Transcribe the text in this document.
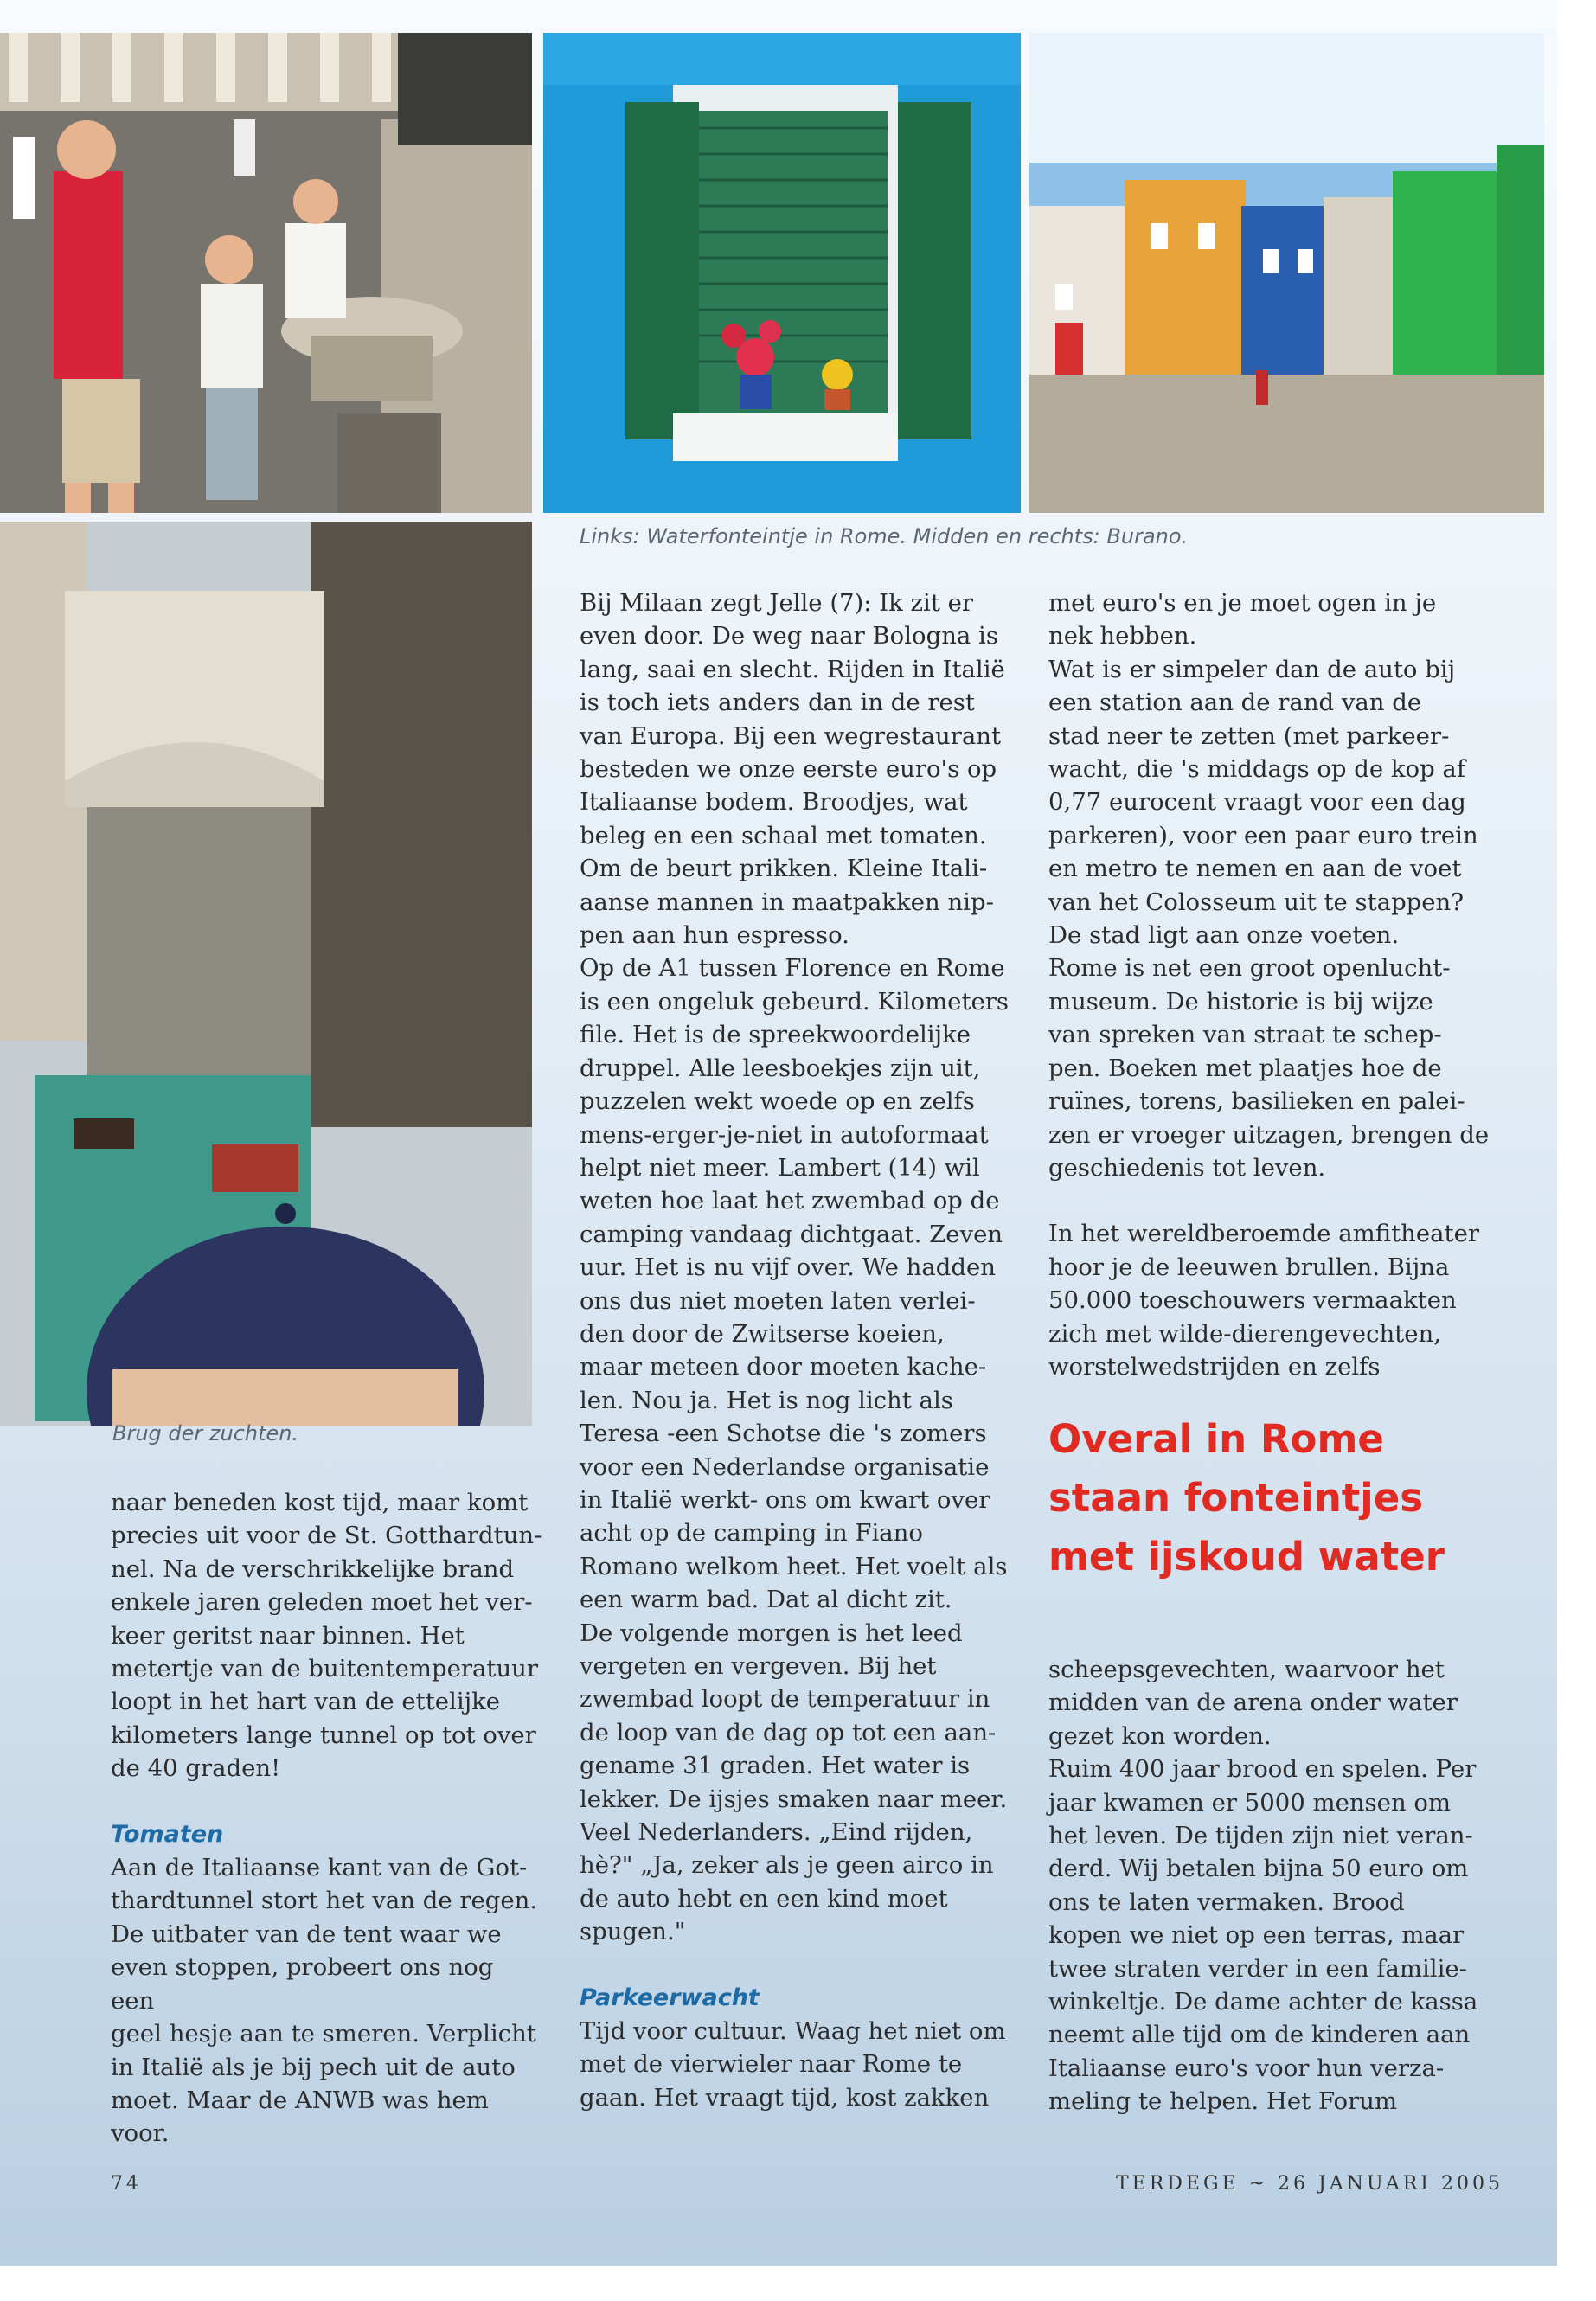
Links: Waterfonteintje in Rome. Midden en rechts: Burano.
Brug der zuchten.

naar beneden kost tijd, maar komt

precies uit voor de St. Gotthardtun-

nel. Na de verschrikkelijke brand

enkele jaren geleden moet het ver-

keer geritst naar binnen. Het

metertje van de buitentemperatuur

loopt in het hart van de ettelijke

kilometers lange tunnel op tot over

de 40 graden!

Tomaten

Aan de Italiaanse kant van de Got-

thardtunnel stort het van de regen.

De uitbater van de tent waar we

even stoppen, probeert ons nog een

geel hesje aan te smeren. Verplicht

in Italië als je bij pech uit de auto

moet. Maar de ANWB was hem

voor.

Bij Milaan zegt Jelle (7): Ik zit er

even door. De weg naar Bologna is

lang, saai en slecht. Rijden in Italië

is toch iets anders dan in de rest

van Europa. Bij een wegrestaurant

besteden we onze eerste euro's op

Italiaanse bodem. Broodjes, wat

beleg en een schaal met tomaten.

Om de beurt prikken. Kleine Itali-

aanse mannen in maatpakken nip-

pen aan hun espresso.

Op de A1 tussen Florence en Rome

is een ongeluk gebeurd. Kilometers

file. Het is de spreekwoordelijke

druppel. Alle leesboekjes zijn uit,

puzzelen wekt woede op en zelfs

mens-erger-je-niet in autoformaat

helpt niet meer. Lambert (14) wil

weten hoe laat het zwembad op de

camping vandaag dichtgaat. Zeven

uur. Het is nu vijf over. We hadden

ons dus niet moeten laten verlei-

den door de Zwitserse koeien,

maar meteen door moeten kache-

len. Nou ja. Het is nog licht als

Teresa -een Schotse die 's zomers

voor een Nederlandse organisatie

in Italië werkt- ons om kwart over

acht op de camping in Fiano

Romano welkom heet. Het voelt als

een warm bad. Dat al dicht zit.

De volgende morgen is het leed

vergeten en vergeven. Bij het

zwembad loopt de temperatuur in

de loop van de dag op tot een aan-

gename 31 graden. Het water is

lekker. De ijsjes smaken naar meer.

Veel Nederlanders. „Eind rijden,

hè?" „Ja, zeker als je geen airco in

de auto hebt en een kind moet

spugen."

Parkeerwacht

Tijd voor cultuur. Waag het niet om

met de vierwieler naar Rome te

gaan. Het vraagt tijd, kost zakken

met euro's en je moet ogen in je

nek hebben.

Wat is er simpeler dan de auto bij

een station aan de rand van de

stad neer te zetten (met parkeer-

wacht, die 's middags op de kop af

0,77 eurocent vraagt voor een dag

parkeren), voor een paar euro trein

en metro te nemen en aan de voet

van het Colosseum uit te stappen?

De stad ligt aan onze voeten.

Rome is net een groot openlucht-

museum. De historie is bij wijze

van spreken van straat te schep-

pen. Boeken met plaatjes hoe de

ruïnes, torens, basilieken en palei-

zen er vroeger uitzagen, brengen de

geschiedenis tot leven.

In het wereldberoemde amfitheater

hoor je de leeuwen brullen. Bijna

50.000 toeschouwers vermaakten

zich met wilde-dierengevechten,

worstelwedstrijden en zelfs

Overal in Rome
staan fonteintjes
met ijskoud water

scheepsgevechten, waarvoor het

midden van de arena onder water

gezet kon worden.

Ruim 400 jaar brood en spelen. Per

jaar kwamen er 5000 mensen om

het leven. De tijden zijn niet veran-

derd. Wij betalen bijna 50 euro om

ons te laten vermaken. Brood

kopen we niet op een terras, maar

twee straten verder in een familie-

winkeltje. De dame achter de kassa

neemt alle tijd om de kinderen aan

Italiaanse euro's voor hun verza-

meling te helpen. Het Forum

74	TERDEGE ~ 26 JANUARI 2005
